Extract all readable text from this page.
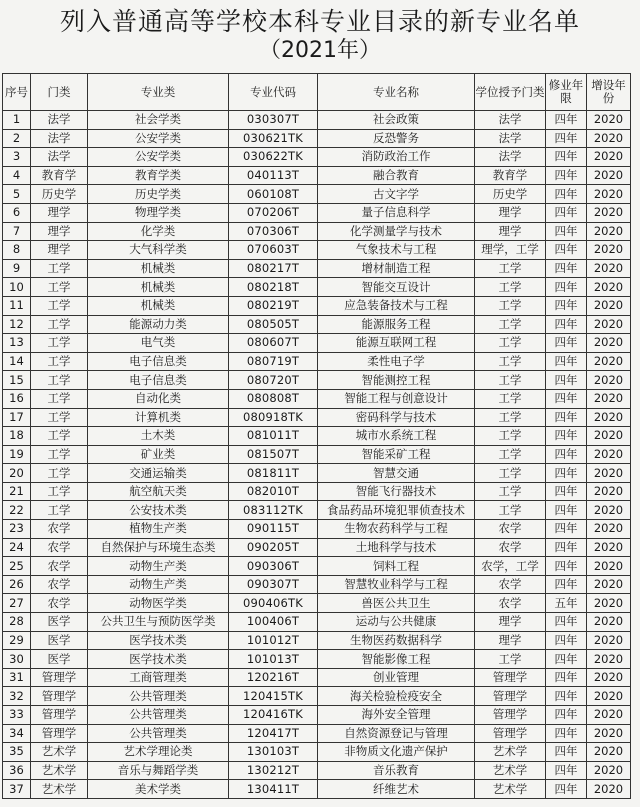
列入普通高等学校本科专业目录的新专业名单
（2021年）
序号	门类	专业类	专业代码	专业名称	学位授予门类	修业年限	增设年份
1	法学	社会学类	030307T	社会政策	法学	四年	2020
2	法学	公安学类	030621TK	反恐警务	法学	四年	2020
3	法学	公安学类	030622TK	消防政治工作	法学	四年	2020
4	教育学	教育学类	040113T	融合教育	教育学	四年	2020
5	历史学	历史学类	060108T	古文字学	历史学	四年	2020
6	理学	物理学类	070206T	量子信息科学	理学	四年	2020
7	理学	化学类	070306T	化学测量学与技术	理学	四年	2020
8	理学	大气科学类	070603T	气象技术与工程	理学，工学	四年	2020
9	工学	机械类	080217T	增材制造工程	工学	四年	2020
10	工学	机械类	080218T	智能交互设计	工学	四年	2020
11	工学	机械类	080219T	应急装备技术与工程	工学	四年	2020
12	工学	能源动力类	080505T	能源服务工程	工学	四年	2020
13	工学	电气类	080607T	能源互联网工程	工学	四年	2020
14	工学	电子信息类	080719T	柔性电子学	工学	四年	2020
15	工学	电子信息类	080720T	智能测控工程	工学	四年	2020
16	工学	自动化类	080808T	智能工程与创意设计	工学	四年	2020
17	工学	计算机类	080918TK	密码科学与技术	工学	四年	2020
18	工学	土木类	081011T	城市水系统工程	工学	四年	2020
19	工学	矿业类	081507T	智能采矿工程	工学	四年	2020
20	工学	交通运输类	081811T	智慧交通	工学	四年	2020
21	工学	航空航天类	082010T	智能飞行器技术	工学	四年	2020
22	工学	公安技术类	083112TK	食品药品环境犯罪侦查技术	工学	四年	2020
23	农学	植物生产类	090115T	生物农药科学与工程	农学	四年	2020
24	农学	自然保护与环境生态类	090205T	土地科学与技术	农学	四年	2020
25	农学	动物生产类	090306T	饲料工程	农学，工学	四年	2020
26	农学	动物生产类	090307T	智慧牧业科学与工程	农学	四年	2020
27	农学	动物医学类	090406TK	兽医公共卫生	农学	五年	2020
28	医学	公共卫生与预防医学类	100406T	运动与公共健康	理学	四年	2020
29	医学	医学技术类	101012T	生物医药数据科学	理学	四年	2020
30	医学	医学技术类	101013T	智能影像工程	工学	四年	2020
31	管理学	工商管理类	120216T	创业管理	管理学	四年	2020
32	管理学	公共管理类	120415TK	海关检验检疫安全	管理学	四年	2020
33	管理学	公共管理类	120416TK	海外安全管理	管理学	四年	2020
34	管理学	公共管理类	120417T	自然资源登记与管理	管理学	四年	2020
35	艺术学	艺术学理论类	130103T	非物质文化遗产保护	艺术学	四年	2020
36	艺术学	音乐与舞蹈学类	130212T	音乐教育	艺术学	四年	2020
37	艺术学	美术学类	130411T	纤维艺术	艺术学	四年	2020
